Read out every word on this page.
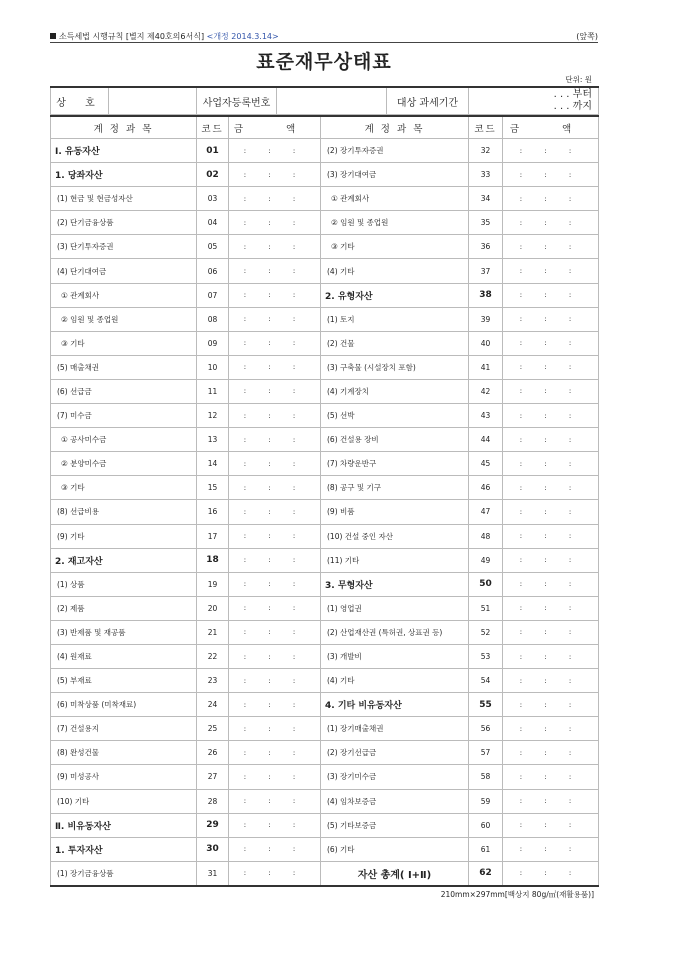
소득세법 시행규칙 [별지 제40호의6서식] <개정 2014.3.14>	(앞쪽)
표준재무상태표
단위: 원
상 호		사업자등록번호		대상 과세기간	
. . . 부터
. . . 까지
계 정 과 목	코드	금 액	계 정 과 목	코드	금 액
Ⅰ. 유동자산	01	: : :	(2) 장기투자증권	32	: : :
1. 당좌자산	02	: : :	(3) 장기대여금	33	: : :
(1) 현금 및 현금성자산	03	: : :	① 관계회사	34	: : :
(2) 단기금융상품	04	: : :	② 임원 및 종업원	35	: : :
(3) 단기투자증권	05	: : :	③ 기타	36	: : :
(4) 단기대여금	06	: : :	(4) 기타	37	: : :
① 관계회사	07	: : :	2. 유형자산	38	: : :
② 임원 및 종업원	08	: : :	(1) 토지	39	: : :
③ 기타	09	: : :	(2) 건물	40	: : :
(5) 매출채권	10	: : :	(3) 구축물 (시설장치 포함)	41	: : :
(6) 선급금	11	: : :	(4) 기계장치	42	: : :
(7) 미수금	12	: : :	(5) 선박	43	: : :
① 공사미수금	13	: : :	(6) 건설용 장비	44	: : :
② 분양미수금	14	: : :	(7) 차량운반구	45	: : :
③ 기타	15	: : :	(8) 공구 및 기구	46	: : :
(8) 선급비용	16	: : :	(9) 비품	47	: : :
(9) 기타	17	: : :	(10) 건설 중인 자산	48	: : :
2. 재고자산	18	: : :	(11) 기타	49	: : :
(1) 상품	19	: : :	3. 무형자산	50	: : :
(2) 제품	20	: : :	(1) 영업권	51	: : :
(3) 반제품 및 재공품	21	: : :	(2) 산업재산권 (특허권, 상표권 등)	52	: : :
(4) 원재료	22	: : :	(3) 개발비	53	: : :
(5) 부재료	23	: : :	(4) 기타	54	: : :
(6) 미착상품 (미착재료)	24	: : :	4. 기타 비유동자산	55	: : :
(7) 건설용지	25	: : :	(1) 장기매출채권	56	: : :
(8) 완성건물	26	: : :	(2) 장기선급금	57	: : :
(9) 미성공사	27	: : :	(3) 장기미수금	58	: : :
(10) 기타	28	: : :	(4) 임차보증금	59	: : :
Ⅱ. 비유동자산	29	: : :	(5) 기타보증금	60	: : :
1. 투자자산	30	: : :	(6) 기타	61	: : :
(1) 장기금융상품	31	: : :	자산 총계( Ⅰ+Ⅱ)	62	: : :
210mm×297mm[백상지 80g/㎡(재활용품)]
